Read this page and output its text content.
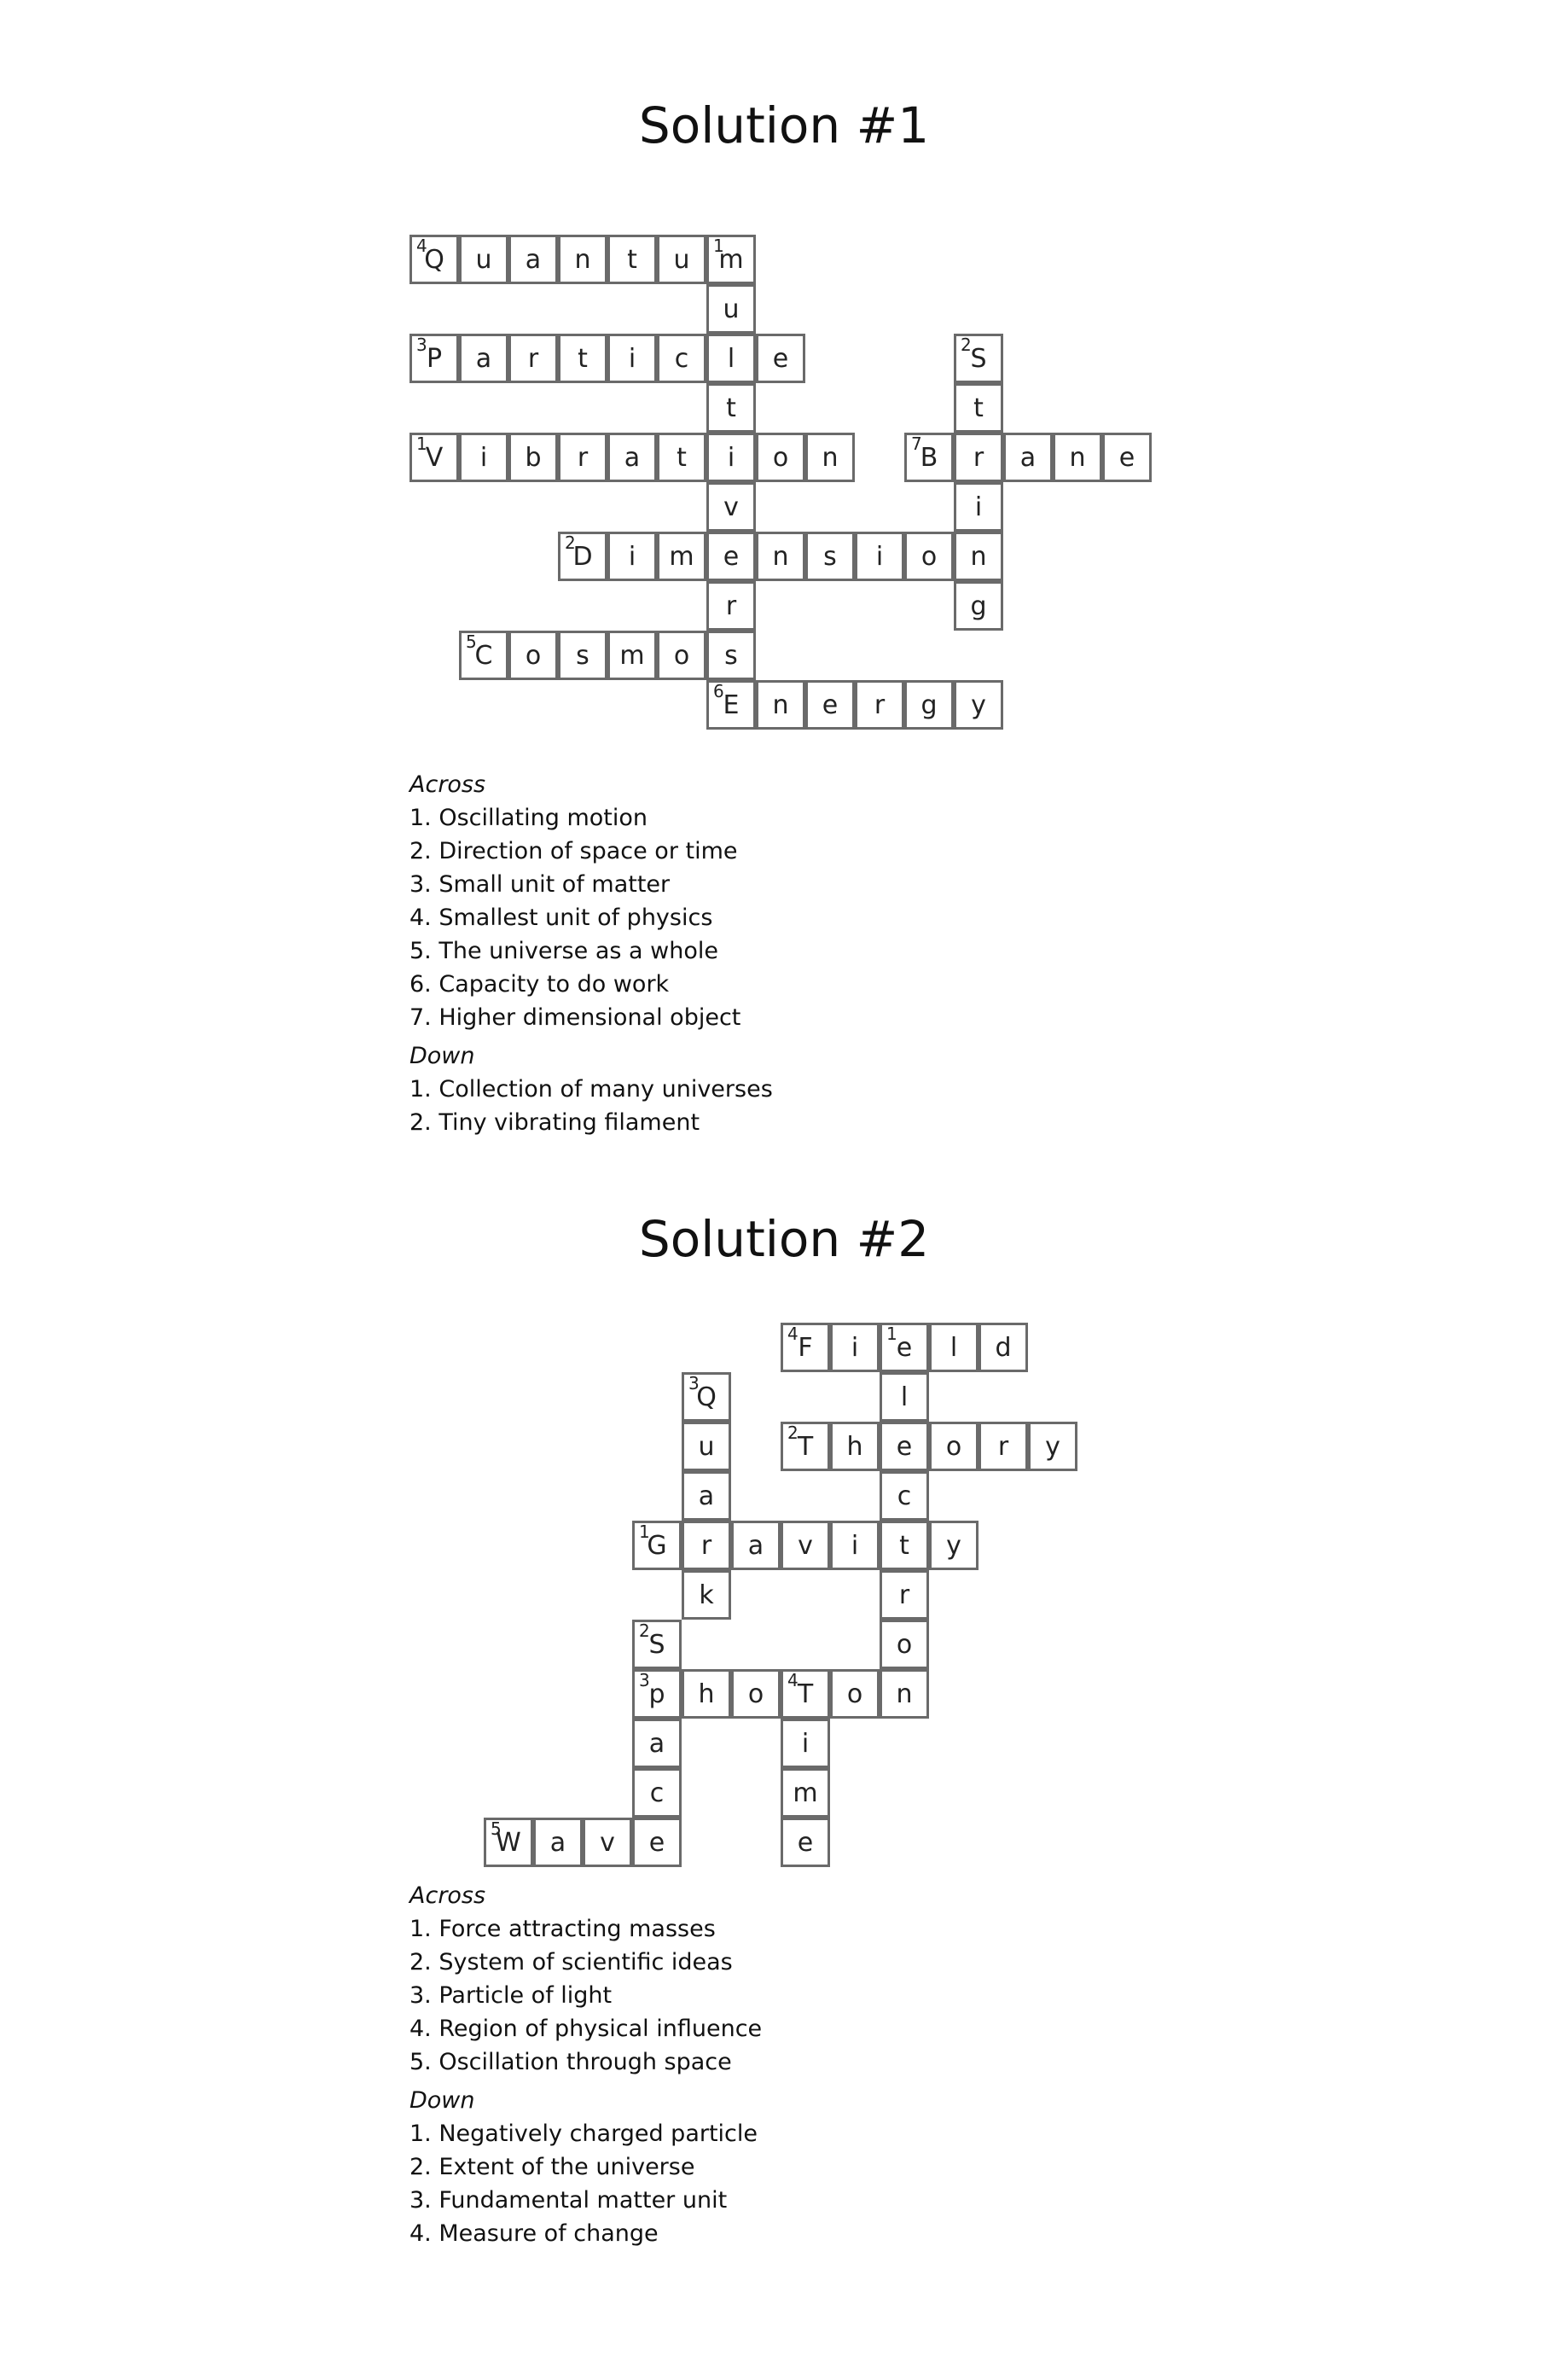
Solution #1
Q
4	u	a	n	t	u	m
1
u
P
3	a	r	t	i	c	l	e	S
2
t	t
V
1	i	b	r	a	t	i	o	n	B
7	r	a	n	e
v	i
D
2	i	m	e	n	s	i	o	n
r	g
C
5	o	s	m	o	s
E
6	n	e	r	g	y
Across
1. Oscillating motion
2. Direction of space or time
3. Small unit of matter
4. Smallest unit of physics
5. The universe as a whole
6. Capacity to do work
7. Higher dimensional object
Down
1. Collection of many universes
2. Tiny vibrating filament
Solution #2
F
4	i	e
1	l	d
Q
3	l
u	T
2	h	e	o	r	y
a	c
G
1	r	a	v	i	t	y
k	r
S
2	o
p
3	h	o	T
4	o	n
a	i
c	m
W
5	a	v	e	e
Across
1. Force attracting masses
2. System of scientific ideas
3. Particle of light
4. Region of physical influence
5. Oscillation through space
Down
1. Negatively charged particle
2. Extent of the universe
3. Fundamental matter unit
4. Measure of change
